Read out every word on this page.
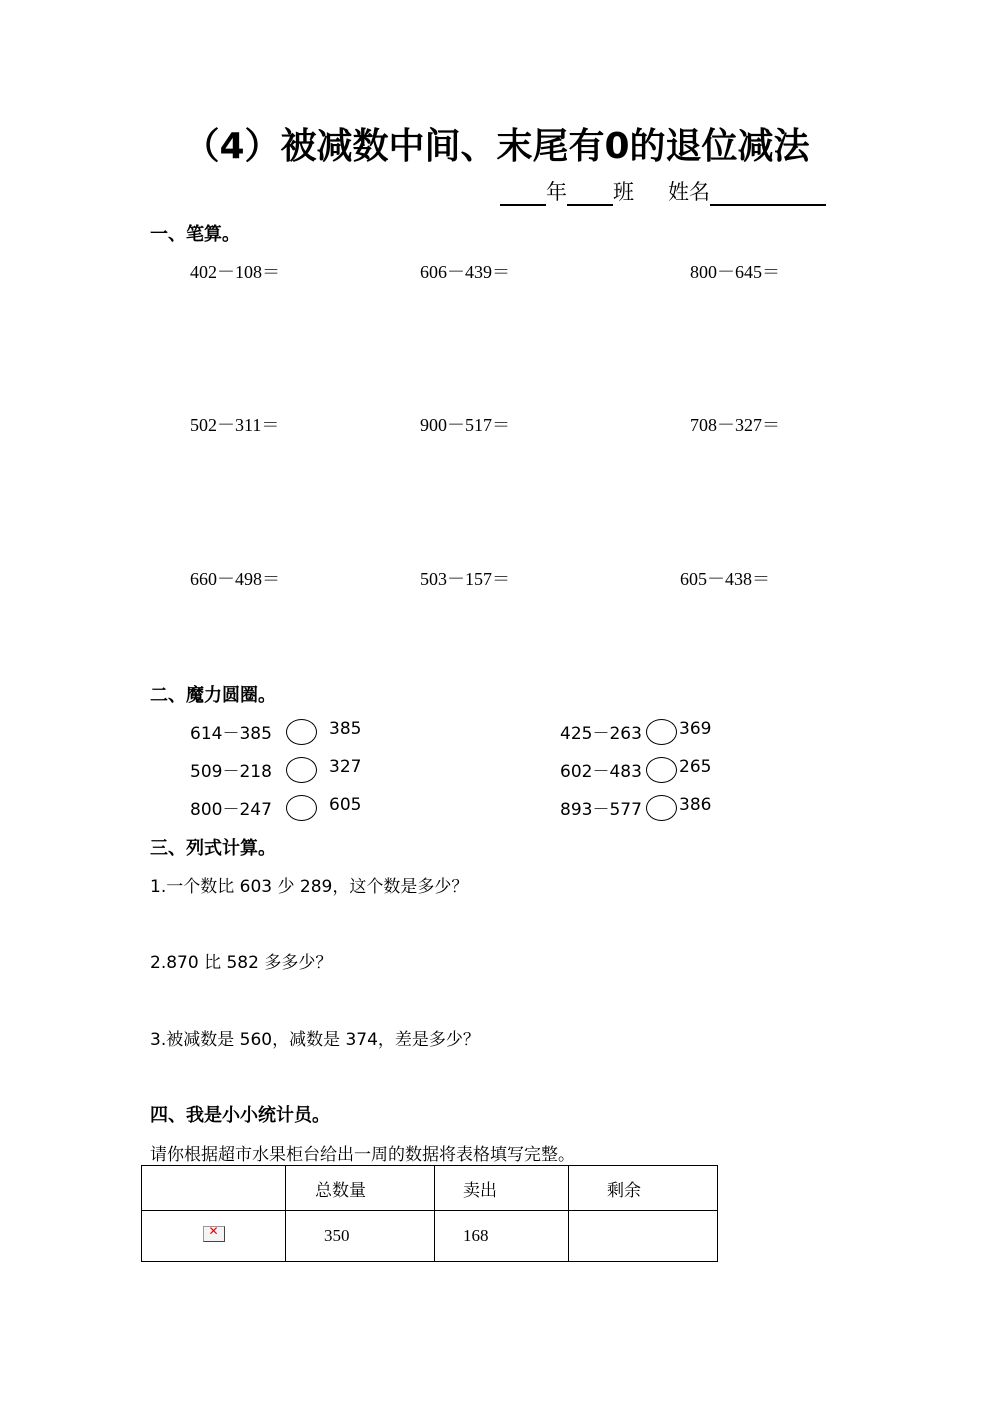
（4）被减数中间、末尾有0的退位减法
年 班 姓名
一、笔算。
402－108＝	606－439＝	800－645＝
502－311＝	900－517＝	708－327＝
660－498＝	503－157＝	605－438＝
二、魔力圆圈。
614－385	385	425－263 369
509－218	327	602－483 265
800－247	605	893－577 386
三、列式计算。
1.一个数比 603 少 289，这个数是多少？
2.870 比 582 多多少？
3.被减数是 560，减数是 374，差是多少？
四、我是小小统计员。
请你根据超市水果柜台给出一周的数据将表格填写完整。
	总数量	卖出	剩余

✕	350	168	
